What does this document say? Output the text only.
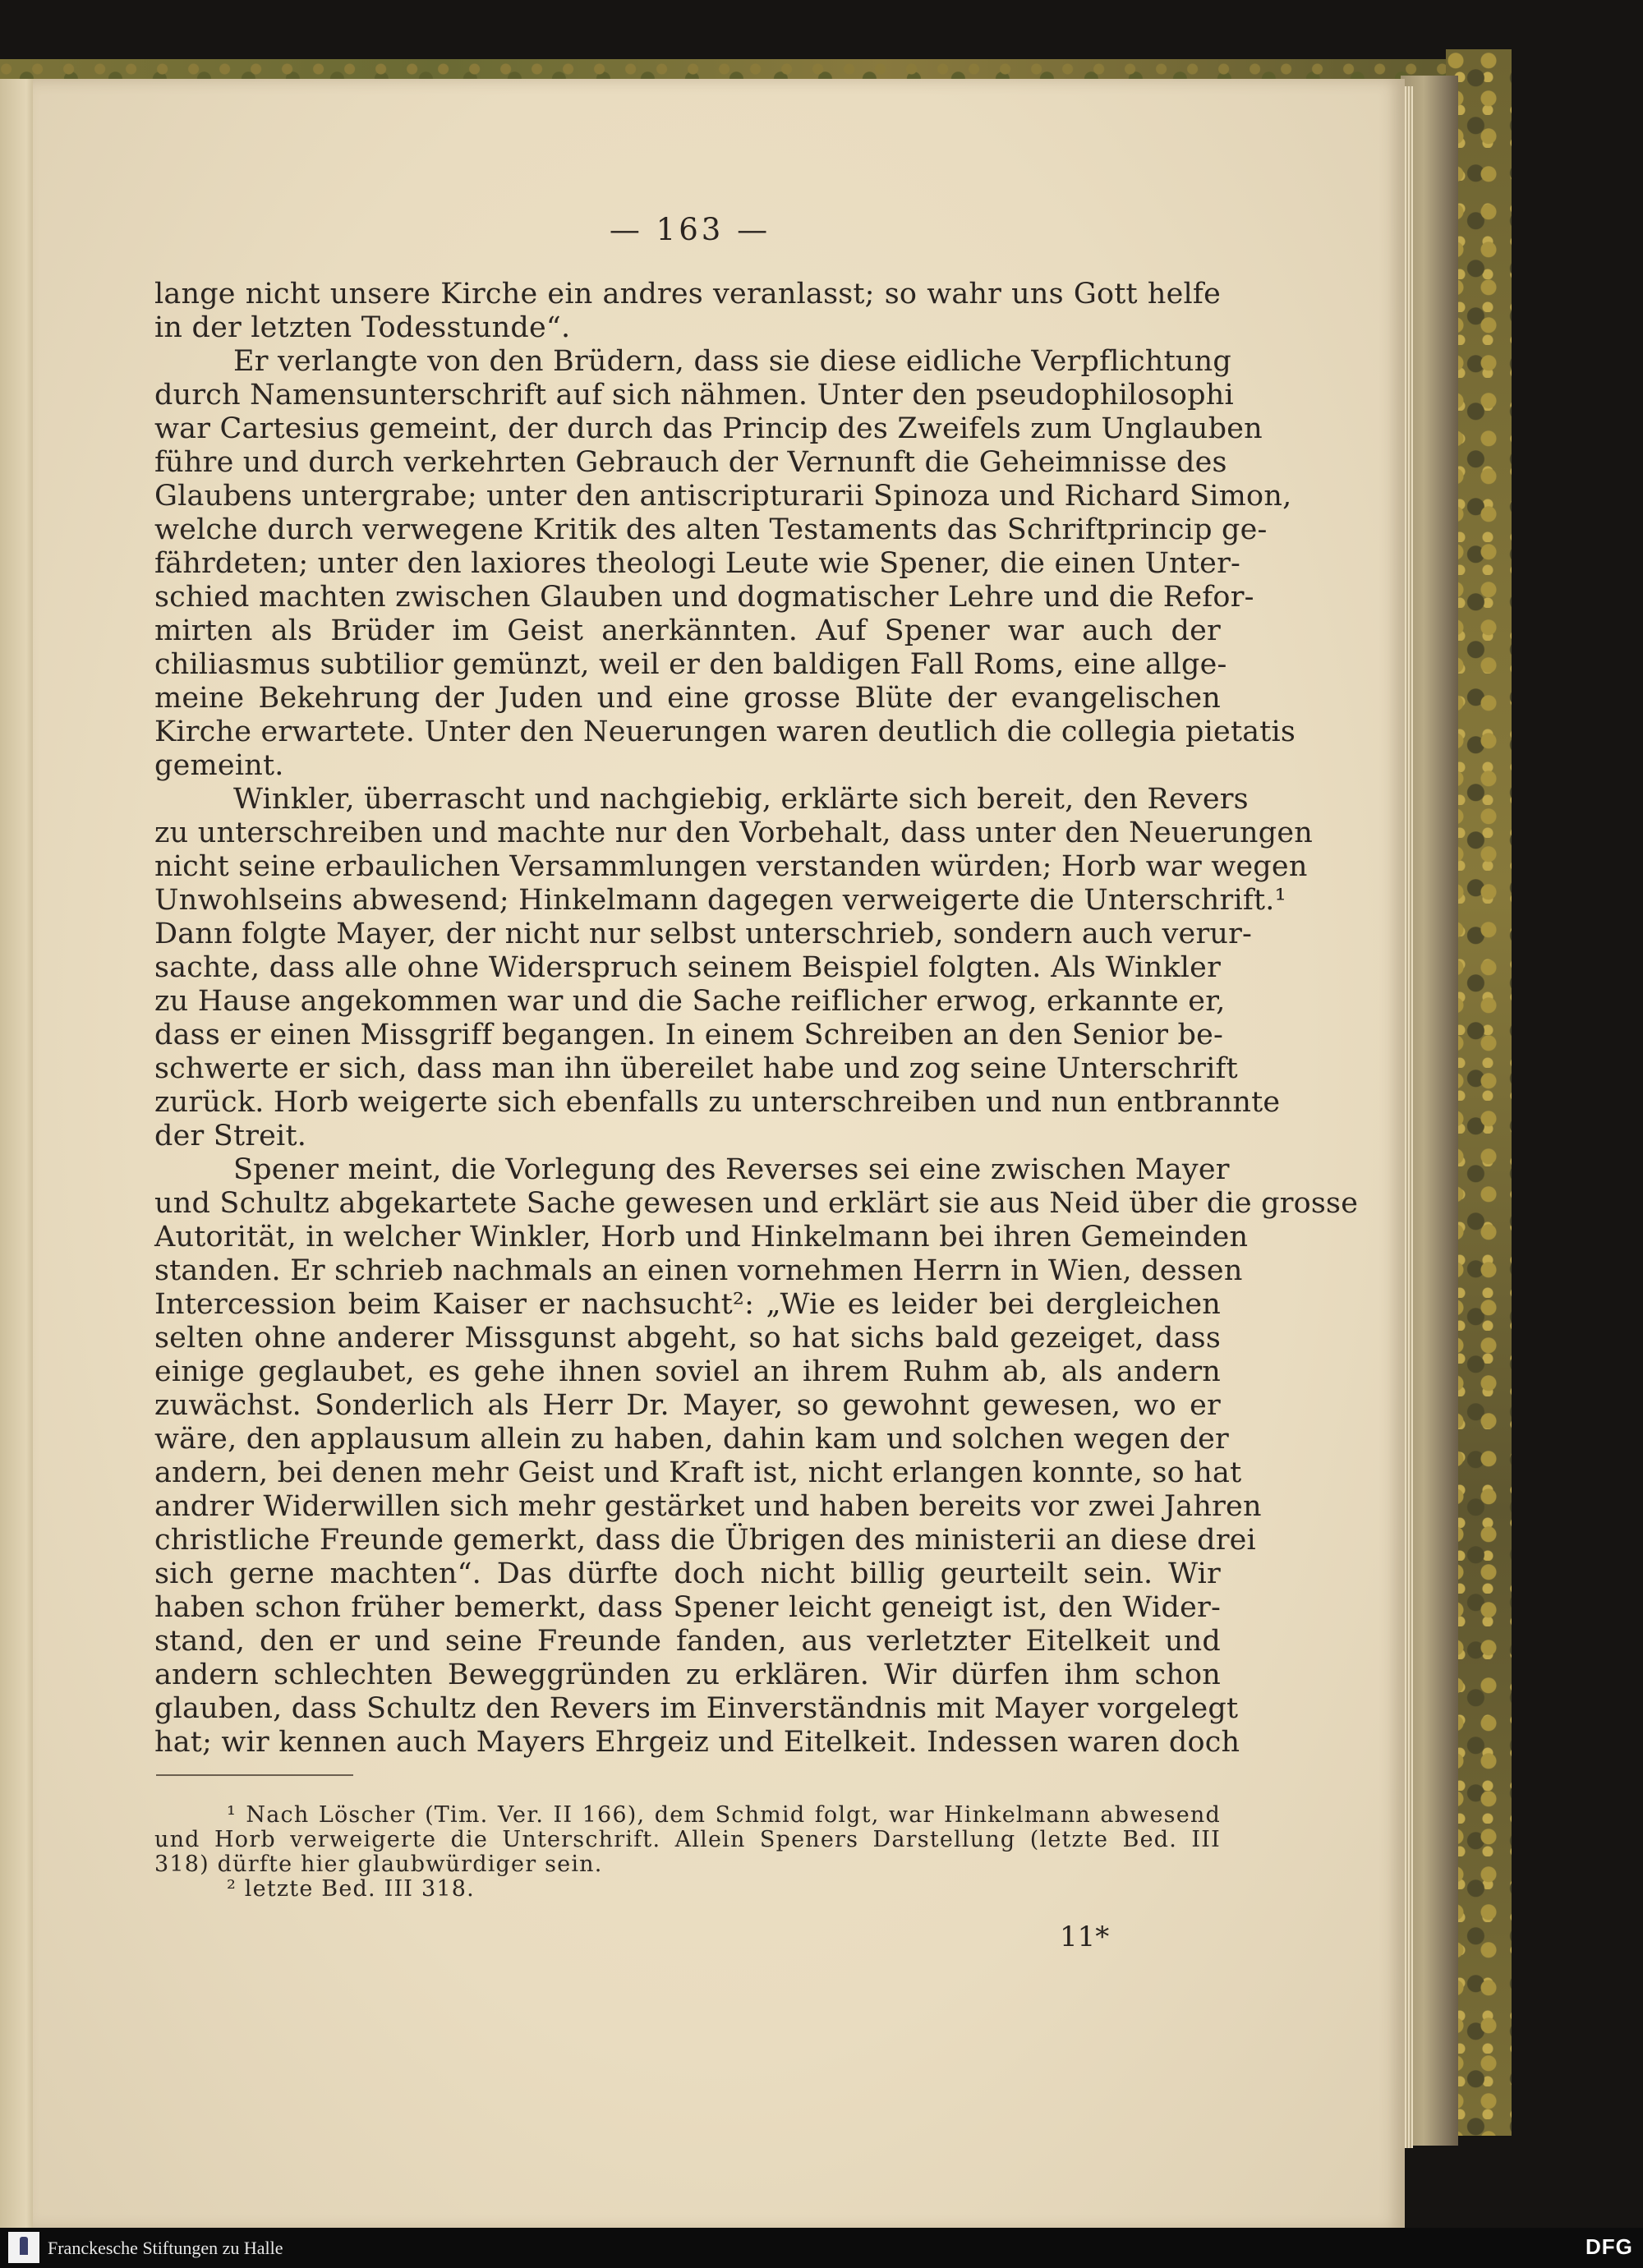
— 163 —
lange nicht unsere Kirche ein andres veranlasst; so wahr uns Gott helfe
in der letzten Todesstunde“.
Er verlangte von den Brüdern, dass sie diese eidliche Verpflichtung
durch Namensunterschrift auf sich nähmen. Unter den pseudophilosophi
war Cartesius gemeint, der durch das Princip des Zweifels zum Unglauben
führe und durch verkehrten Gebrauch der Vernunft die Geheimnisse des
Glaubens untergrabe; unter den antiscripturarii Spinoza und Richard Simon,
welche durch verwegene Kritik des alten Testaments das Schriftprincip ge-
fährdeten; unter den laxiores theologi Leute wie Spener, die einen Unter-
schied machten zwischen Glauben und dogmatischer Lehre und die Refor-
mirten als Brüder im Geist anerkännten. Auf Spener war auch der
chiliasmus subtilior gemünzt, weil er den baldigen Fall Roms, eine allge-
meine Bekehrung der Juden und eine grosse Blüte der evangelischen
Kirche erwartete. Unter den Neuerungen waren deutlich die collegia pietatis
gemeint.
Winkler, überrascht und nachgiebig, erklärte sich bereit, den Revers
zu unterschreiben und machte nur den Vorbehalt, dass unter den Neuerungen
nicht seine erbaulichen Versammlungen verstanden würden; Horb war wegen
Unwohlseins abwesend; Hinkelmann dagegen verweigerte die Unterschrift.¹
Dann folgte Mayer, der nicht nur selbst unterschrieb, sondern auch verur-
sachte, dass alle ohne Widerspruch seinem Beispiel folgten. Als Winkler
zu Hause angekommen war und die Sache reiflicher erwog, erkannte er,
dass er einen Missgriff begangen. In einem Schreiben an den Senior be-
schwerte er sich, dass man ihn übereilet habe und zog seine Unterschrift
zurück. Horb weigerte sich ebenfalls zu unterschreiben und nun entbrannte
der Streit.
Spener meint, die Vorlegung des Reverses sei eine zwischen Mayer
und Schultz abgekartete Sache gewesen und erklärt sie aus Neid über die grosse
Autorität, in welcher Winkler, Horb und Hinkelmann bei ihren Gemeinden
standen. Er schrieb nachmals an einen vornehmen Herrn in Wien, dessen
Intercession beim Kaiser er nachsucht²: „Wie es leider bei dergleichen
selten ohne anderer Missgunst abgeht, so hat sichs bald gezeiget, dass
einige geglaubet, es gehe ihnen soviel an ihrem Ruhm ab, als andern
zuwächst. Sonderlich als Herr Dr. Mayer, so gewohnt gewesen, wo er
wäre, den applausum allein zu haben, dahin kam und solchen wegen der
andern, bei denen mehr Geist und Kraft ist, nicht erlangen konnte, so hat
andrer Widerwillen sich mehr gestärket und haben bereits vor zwei Jahren
christliche Freunde gemerkt, dass die Übrigen des ministerii an diese drei
sich gerne machten“. Das dürfte doch nicht billig geurteilt sein. Wir
haben schon früher bemerkt, dass Spener leicht geneigt ist, den Wider-
stand, den er und seine Freunde fanden, aus verletzter Eitelkeit und
andern schlechten Beweggründen zu erklären. Wir dürfen ihm schon
glauben, dass Schultz den Revers im Einverständnis mit Mayer vorgelegt
hat; wir kennen auch Mayers Ehrgeiz und Eitelkeit. Indessen waren doch
¹ Nach Löscher (Tim. Ver. II 166), dem Schmid folgt, war Hinkelmann abwesend
und Horb verweigerte die Unterschrift. Allein Speners Darstellung (letzte Bed. III
318) dürfte hier glaubwürdiger sein.
² letzte Bed. III 318.
11*
Franckesche Stiftungen zu Halle	DFG
